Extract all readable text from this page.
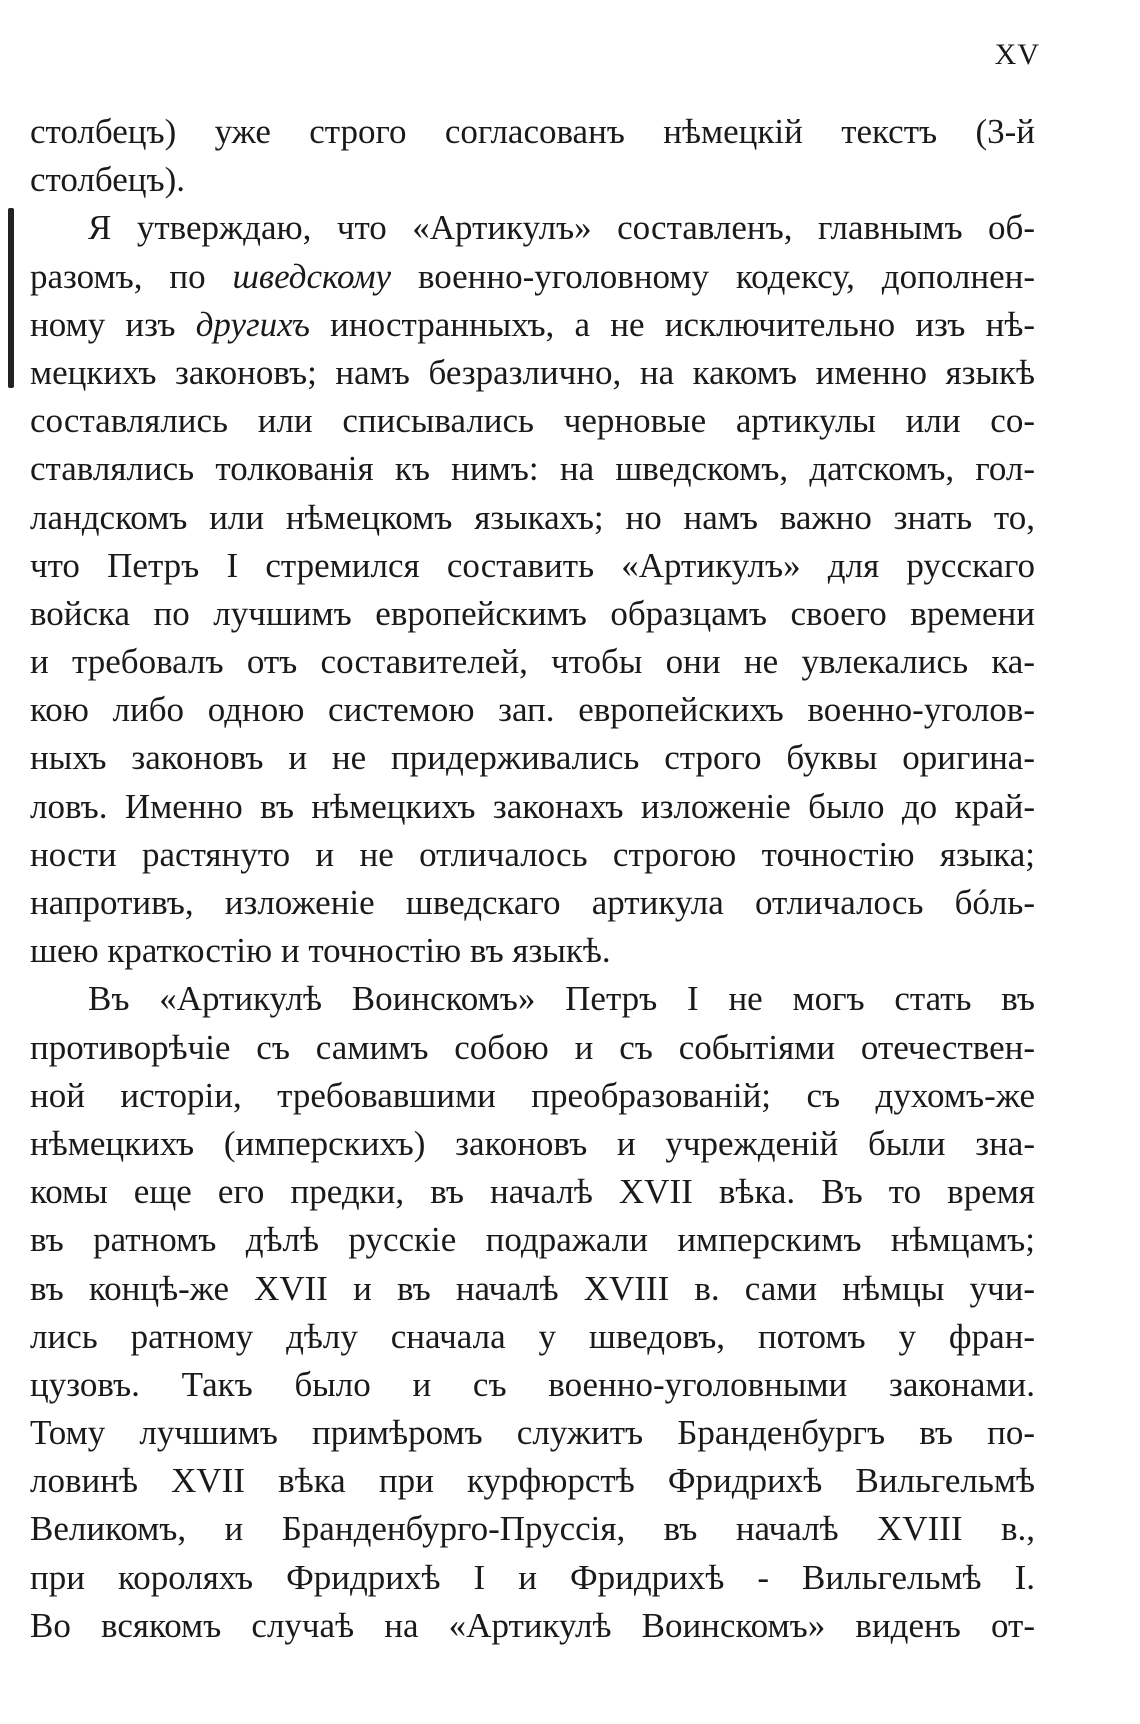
XV
столбецъ) уже строго согласованъ нѣмецкій текстъ (3-й
столбецъ).
Я утверждаю, что «Артикулъ» составленъ, главнымъ об-
разомъ, по шведскому военно-уголовному кодексу, дополнен-
ному изъ другихъ иностранныхъ, а не исключительно изъ нѣ-
мецкихъ законовъ; намъ безразлично, на какомъ именно языкѣ
составлялись или списывались черновые артикулы или со-
ставлялись толкованія къ нимъ: на шведскомъ, датскомъ, гол-
ландскомъ или нѣмецкомъ языкахъ; но намъ важно знать то,
что Петръ I стремился составить «Артикулъ» для русскаго
войска по лучшимъ европейскимъ образцамъ своего времени
и требовалъ отъ составителей, чтобы они не увлекались ка-
кою либо одною системою зап. европейскихъ военно-уголов-
ныхъ законовъ и не придерживались строго буквы оригина-
ловъ. Именно въ нѣмецкихъ законахъ изложеніе было до край-
ности растянуто и не отличалось строгою точностію языка;
напротивъ, изложеніе шведскаго артикула отличалось бóль-
шею краткостію и точностію въ языкѣ.
Въ «Артикулѣ Воинскомъ» Петръ I не могъ стать въ
противорѣчіе съ самимъ собою и съ событіями отечествен-
ной исторіи, требовавшими преобразованій; съ духомъ-же
нѣмецкихъ (имперскихъ) законовъ и учрежденій были зна-
комы еще его предки, въ началѣ XVII вѣка. Въ то время
въ ратномъ дѣлѣ русскіе подражали имперскимъ нѣмцамъ;
въ концѣ-же XVII и въ началѣ XVIII в. сами нѣмцы учи-
лись ратному дѣлу сначала у шведовъ, потомъ у фран-
цузовъ. Такъ было и съ военно-уголовными законами.
Тому лучшимъ примѣромъ служитъ Бранденбургъ въ по-
ловинѣ XVII вѣка при курфюрстѣ Фридрихѣ Вильгельмѣ
Великомъ, и Бранденбурго-Пруссія, въ началѣ XVIII в.,
при короляхъ Фридрихѣ I и Фридрихѣ - Вильгельмѣ I.
Во всякомъ случаѣ на «Артикулѣ Воинскомъ» виденъ от-
